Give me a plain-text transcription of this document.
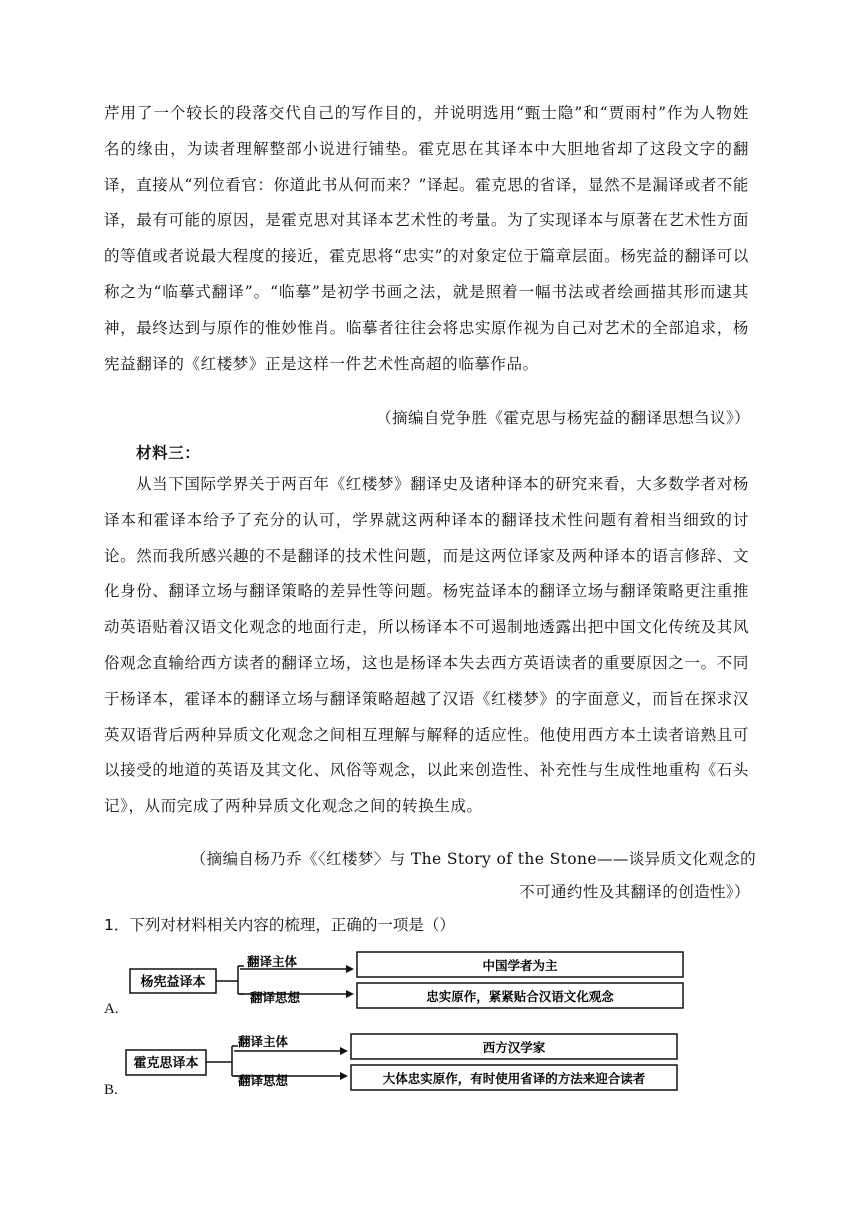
芹用了一个较长的段落交代自己的写作目的，并说明选用“甄士隐”和“贾雨村”作为人物姓名的缘由，为读者理解整部小说进行铺垫。霍克思在其译本中大胆地省却了这段文字的翻译，直接从“列位看官：你道此书从何而来？”译起。霍克思的省译，显然不是漏译或者不能译，最有可能的原因，是霍克思对其译本艺术性的考量。为了实现译本与原著在艺术性方面的等值或者说最大程度的接近，霍克思将“忠实”的对象定位于篇章层面。杨宪益的翻译可以称之为“临摹式翻译”。“临摹”是初学书画之法，就是照着一幅书法或者绘画描其形而逮其神，最终达到与原作的惟妙惟肖。临摹者往往会将忠实原作视为自己对艺术的全部追求，杨宪益翻译的《红楼梦》正是这样一件艺术性高超的临摹作品。

（摘编自党争胜《霍克思与杨宪益的翻译思想刍议》）

材料三：

从当下国际学界关于两百年《红楼梦》翻译史及诸种译本的研究来看，大多数学者对杨译本和霍译本给予了充分的认可，学界就这两种译本的翻译技术性问题有着相当细致的讨论。然而我所感兴趣的不是翻译的技术性问题，而是这两位译家及两种译本的语言修辞、文化身份、翻译立场与翻译策略的差异性等问题。杨宪益译本的翻译立场与翻译策略更注重推动英语贴着汉语文化观念的地面行走，所以杨译本不可遏制地透露出把中国文化传统及其风俗观念直输给西方读者的翻译立场，这也是杨译本失去西方英语读者的重要原因之一。不同于杨译本，霍译本的翻译立场与翻译策略超越了汉语《红楼梦》的字面意义，而旨在探求汉英双语背后两种异质文化观念之间相互理解与解释的适应性。他使用西方本土读者谙熟且可以接受的地道的英语及其文化、风俗等观念，以此来创造性、补充性与生成性地重构《石头记》，从而完成了两种异质文化观念之间的转换生成。

（摘编自杨乃乔《〈红楼梦〉与 The Story of the Stone——谈异质文化观念的

不可通约性及其翻译的创造性》）

1．下列对材料相关内容的梳理，正确的一项是（）

杨宪益译本
翻译主体	中国学者为主
翻译思想	忠实原作，紧紧贴合汉语文化观念

A.

霍克思译本
翻译主体	西方汉学家
翻译思想	大体忠实原作，有时使用省译的方法来迎合读者

B.
